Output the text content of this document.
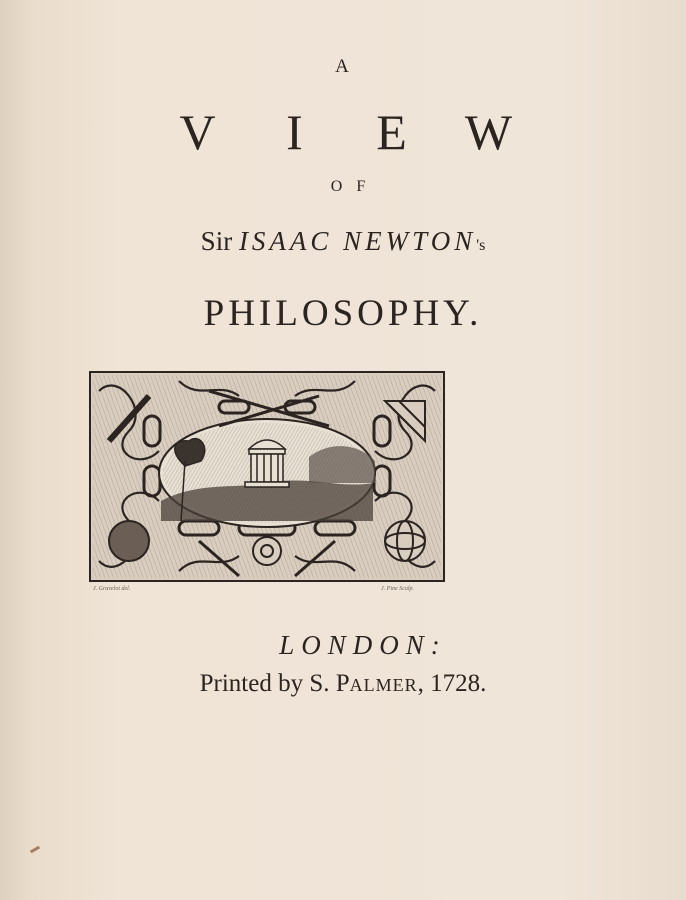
A
V I E W
OF
Sir ISAAC NEWTON's
PHILOSOPHY.
J. Gravelot del.	J. Pine Sculp.
LONDON:
Printed by S. PALMER, 1728.
